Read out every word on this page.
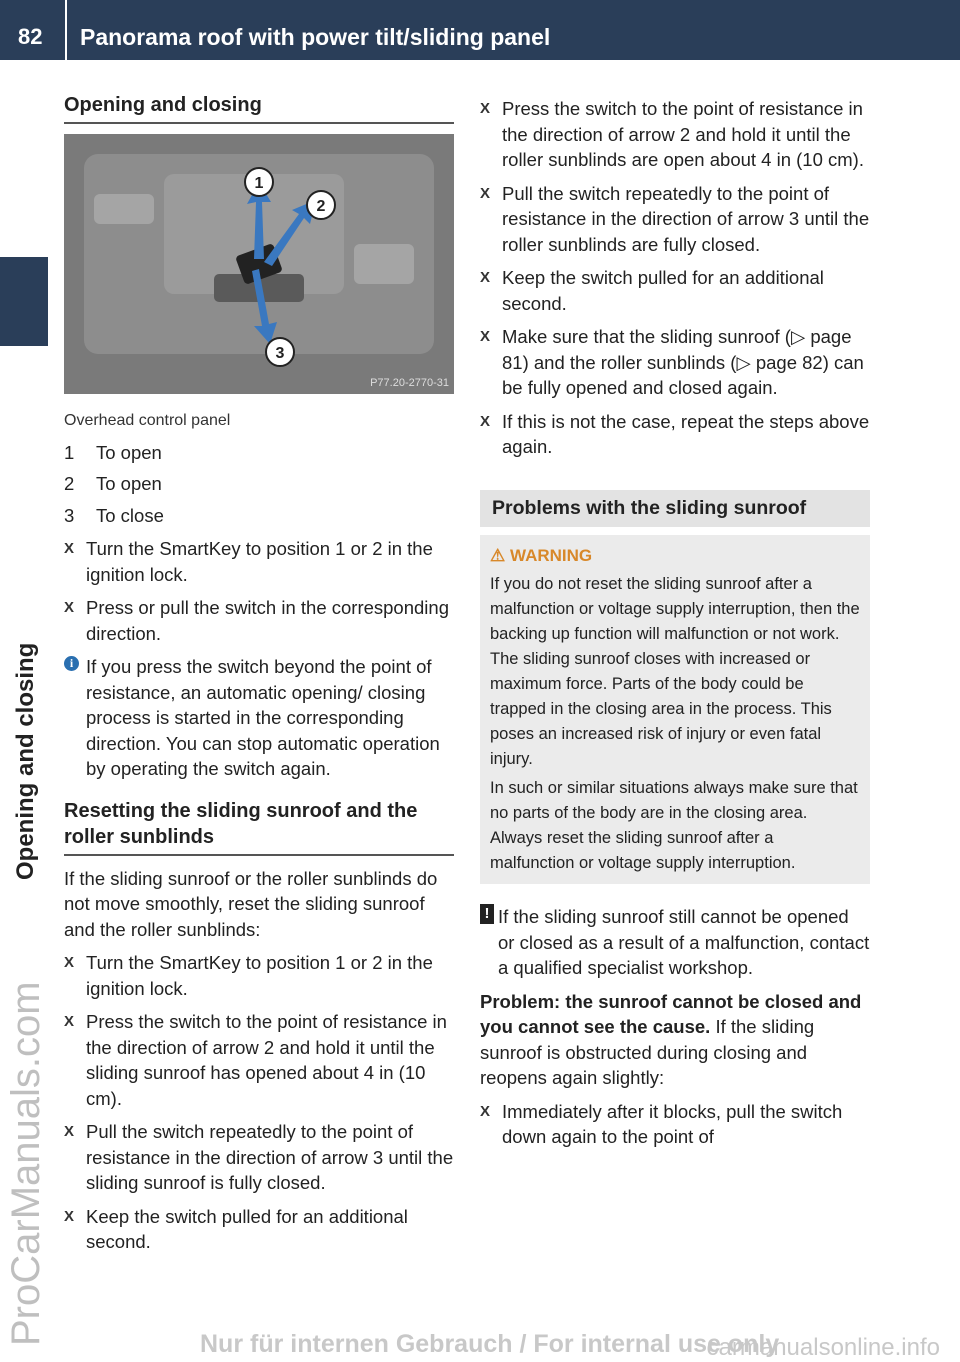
82 Panorama roof with power tilt/sliding panel
Opening and closing
ProCarManuals.com
Opening and closing
1
2
3
P77.20-2770-31
Overhead control panel
1	To open
2	To open
3	To close

X Turn the SmartKey to position 1 or 2 in the ignition lock.

X Press or pull the switch in the corresponding direction.

i If you press the switch beyond the point of resistance, an automatic opening/ closing process is started in the corresponding direction. You can stop automatic operation by operating the switch again.
Resetting the sliding sunroof and the roller sunblinds

If the sliding sunroof or the roller sunblinds do not move smoothly, reset the sliding sunroof and the roller sunblinds:

X Turn the SmartKey to position 1 or 2 in the ignition lock.

X Press the switch to the point of resistance in the direction of arrow 2 and hold it until the sliding sunroof has opened about 4 in (10 cm).

X Pull the switch repeatedly to the point of resistance in the direction of arrow 3 until the sliding sunroof is fully closed.

X Keep the switch pulled for an additional second.

X Press the switch to the point of resistance in the direction of arrow 2 and hold it until the roller sunblinds are open about 4 in (10 cm).

X Pull the switch repeatedly to the point of resistance in the direction of arrow 3 until the roller sunblinds are fully closed.

X Keep the switch pulled for an additional second.

X Make sure that the sliding sunroof (▷ page 81) and the roller sunblinds (▷ page 82) can be fully opened and closed again.

X If this is not the case, repeat the steps above again.

Problems with the sliding sunroof
⚠ WARNING

If you do not reset the sliding sunroof after a malfunction or voltage supply interruption, then the backing up function will malfunction or not work. The sliding sunroof closes with increased or maximum force. Parts of the body could be trapped in the closing area in the process. This poses an increased risk of injury or even fatal injury.

In such or similar situations always make sure that no parts of the body are in the closing area. Always reset the sliding sunroof after a malfunction or voltage supply interruption.

! If the sliding sunroof still cannot be opened or closed as a result of a malfunction, contact a qualified specialist workshop.

Problem: the sunroof cannot be closed and you cannot see the cause. If the sliding sunroof is obstructed during closing and reopens again slightly:

X Immediately after it blocks, pull the switch down again to the point of

Nur für internen Gebrauch / For internal use only
carmanualsonline.info
